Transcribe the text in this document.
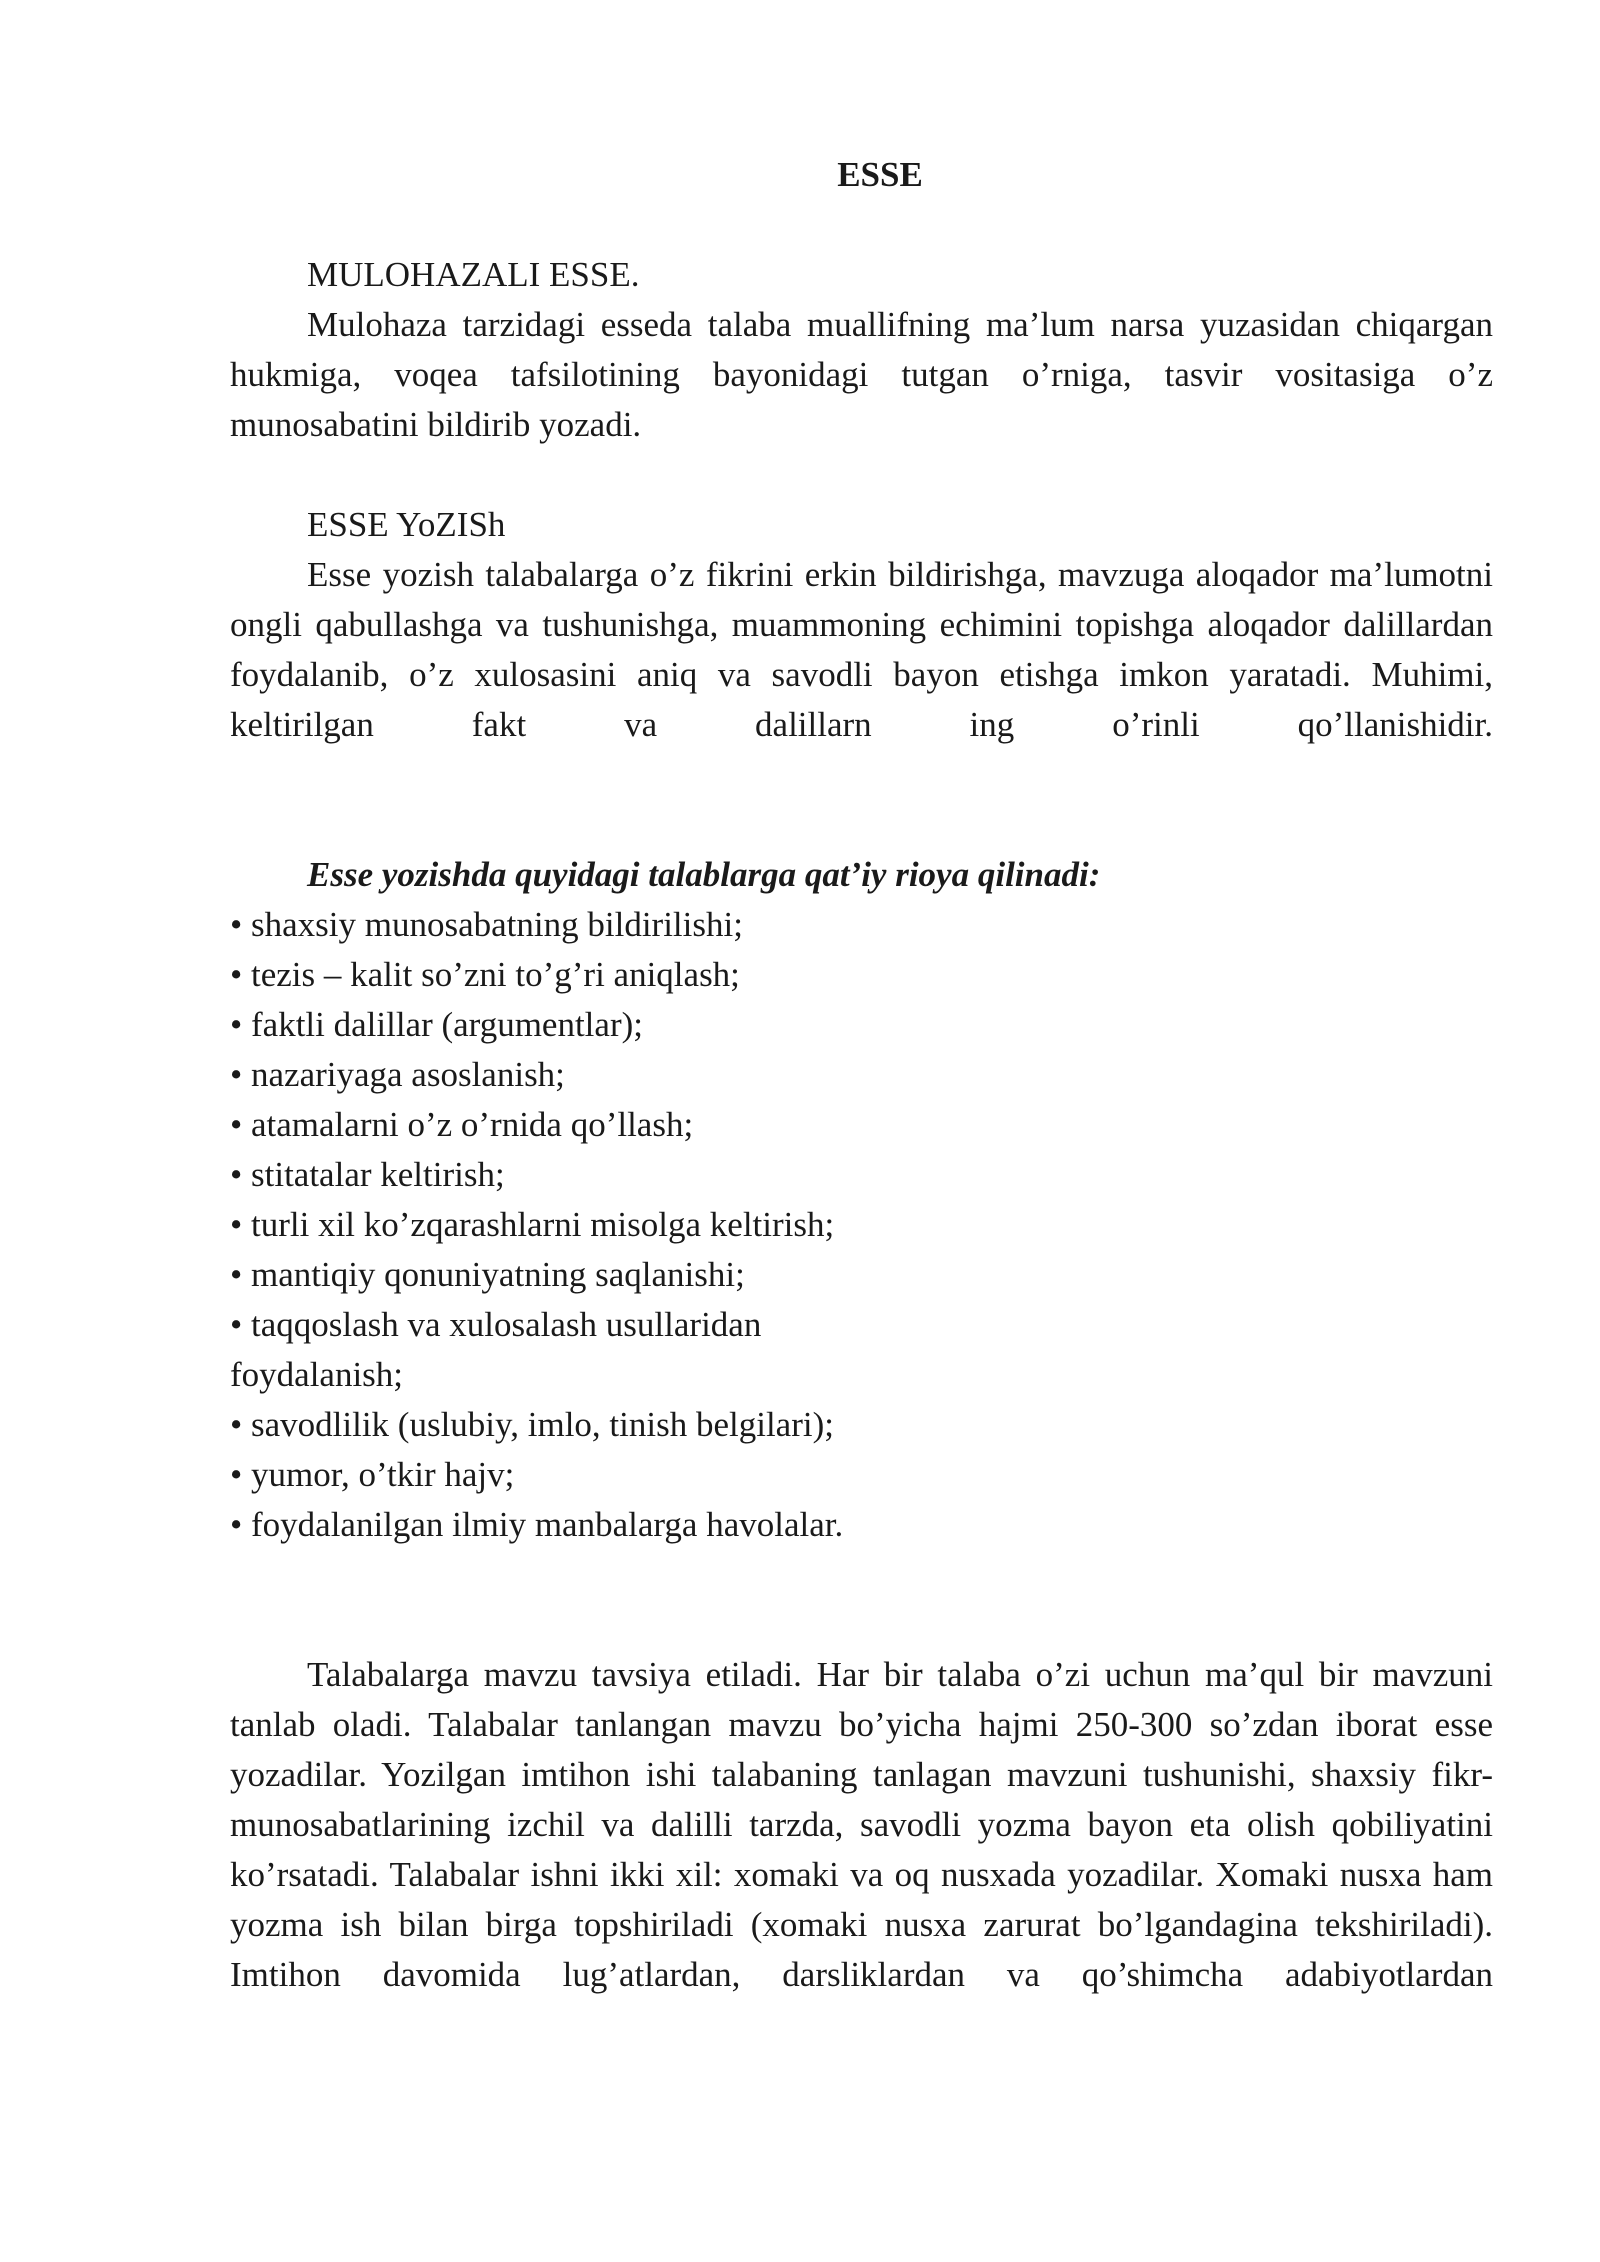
ESSE

MULOHAZALI ESSE.

Mulohaza tarzidagi esseda talaba muallifning ma’lum narsa yuzasidan chiqargan hukmiga, voqea tafsilotining bayonidagi tutgan o’rniga, tasvir vositasiga o’z munosabatini bildirib yozadi.

ESSE YoZISh

Esse yozish talabalarga o’z fikrini erkin bildirishga, mavzuga aloqador ma’lumotni ongli qabullashga va tushunishga, muammoning echimini topishga aloqador dalillardan foydalanib, o’z xulosasini aniq va savodli bayon etishga imkon yaratadi. Muhimi, keltirilgan fakt va dalillarn ing o’rinli qo’llanishidir.

Esse yozishda quyidagi talablarga qat’iy rioya qilinadi:

• shaxsiy munosabatning bildirilishi;
• tezis – kalit so’zni to’g’ri aniqlash;
• faktli dalillar (argumentlar);
• nazariyaga asoslanish;
• atamalarni o’z o’rnida qo’llash;
• stitatalar keltirish;
• turli xil ko’zqarashlarni misolga keltirish;
• mantiqiy qonuniyatning saqlanishi;
• taqqoslash va xulosalash usullaridan
foydalanish;
• savodlilik (uslubiy, imlo, tinish belgilari);
• yumor, o’tkir hajv;
• foydalanilgan ilmiy manbalarga havolalar.

Talabalarga mavzu tavsiya etiladi. Har bir talaba o’zi uchun ma’qul bir mavzuni tanlab oladi. Talabalar tanlangan mavzu bo’yicha hajmi 250-300 so’zdan iborat esse yozadilar. Yozilgan imtihon ishi talabaning tanlagan mavzuni tushunishi, shaxsiy fikr-munosabatlarining izchil va dalilli tarzda, savodli yozma bayon eta olish qobiliyatini ko’rsatadi. Talabalar ishni ikki xil: xomaki va oq nusxada yozadilar. Xomaki nusxa ham yozma ish bilan birga topshiriladi (xomaki nusxa zarurat bo’lgandagina tekshiriladi). Imtihon davomida lug’atlardan, darsliklardan va qo’shimcha adabiyotlardan
